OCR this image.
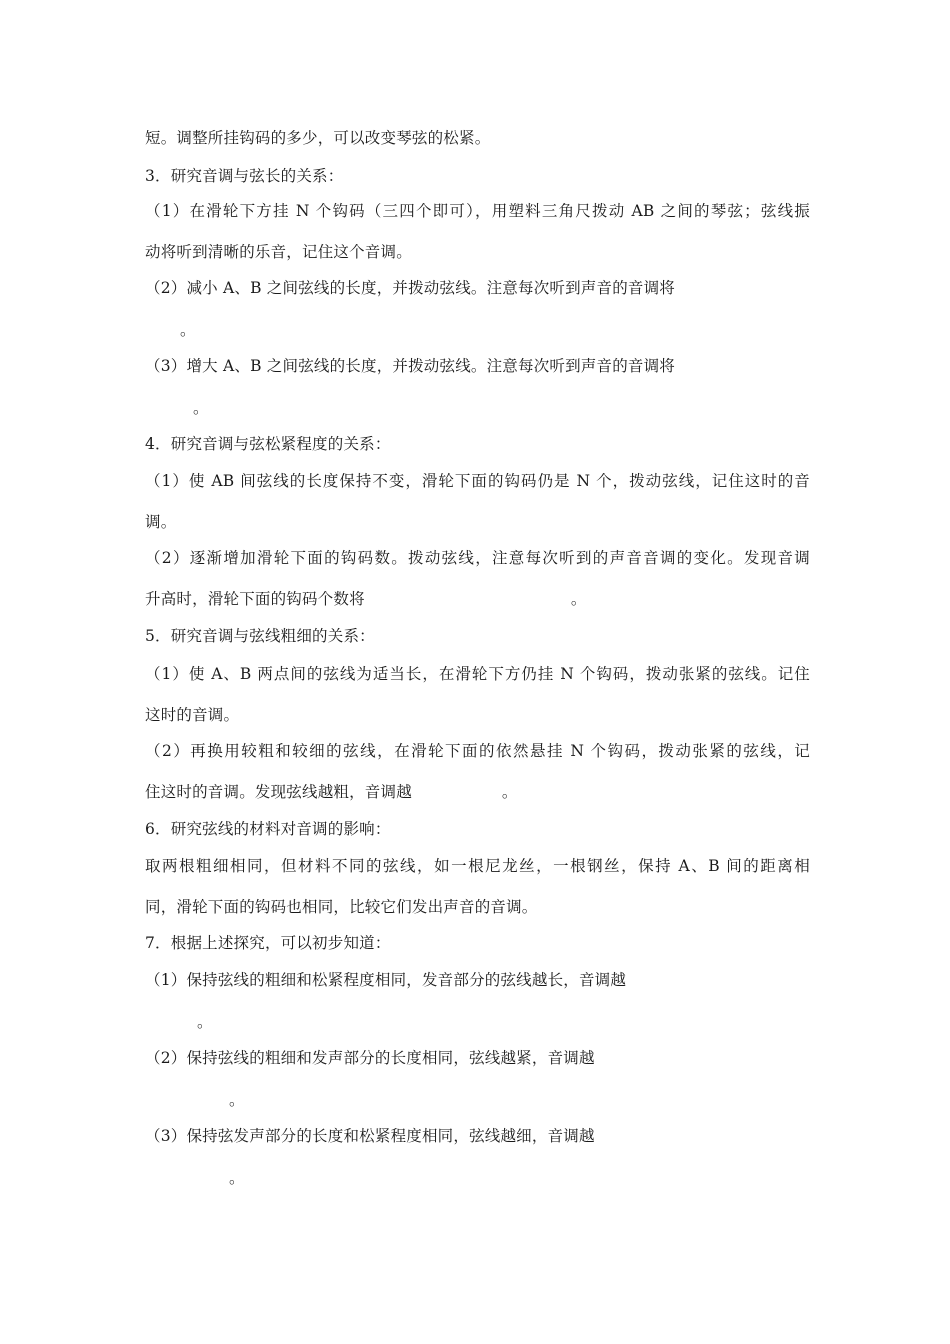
短。调整所挂钩码的多少，可以改变琴弦的松紧。
3．研究音调与弦长的关系：
（1）在滑轮下方挂 N 个钩码（三四个即可），用塑料三角尺拨动 AB 之间的琴弦；弦线振
动将听到清晰的乐音，记住这个音调。
（2）减小 A、B 之间弦线的长度，并拨动弦线。注意每次听到声音的音调将
。
（3）增大 A、B 之间弦线的长度，并拨动弦线。注意每次听到声音的音调将
。
4．研究音调与弦松紧程度的关系：
（1）使 AB 间弦线的长度保持不变，滑轮下面的钩码仍是 N 个，拨动弦线，记住这时的音
调。
（2）逐渐增加滑轮下面的钩码数。拨动弦线，注意每次听到的声音音调的变化。发现音调
升高时，滑轮下面的钩码个数将	。
5．研究音调与弦线粗细的关系：
（1）使 A、B 两点间的弦线为适当长，在滑轮下方仍挂 N 个钩码，拨动张紧的弦线。记住
这时的音调。
（2）再换用较粗和较细的弦线，在滑轮下面的依然悬挂 N 个钩码，拨动张紧的弦线，记
住这时的音调。发现弦线越粗，音调越	。
6．研究弦线的材料对音调的影响：
取两根粗细相同，但材料不同的弦线，如一根尼龙丝，一根钢丝，保持 A、B 间的距离相
同，滑轮下面的钩码也相同，比较它们发出声音的音调。
7．根据上述探究，可以初步知道：
（1）保持弦线的粗细和松紧程度相同，发音部分的弦线越长，音调越
。
（2）保持弦线的粗细和发声部分的长度相同，弦线越紧，音调越
。
（3）保持弦发声部分的长度和松紧程度相同，弦线越细，音调越
。
